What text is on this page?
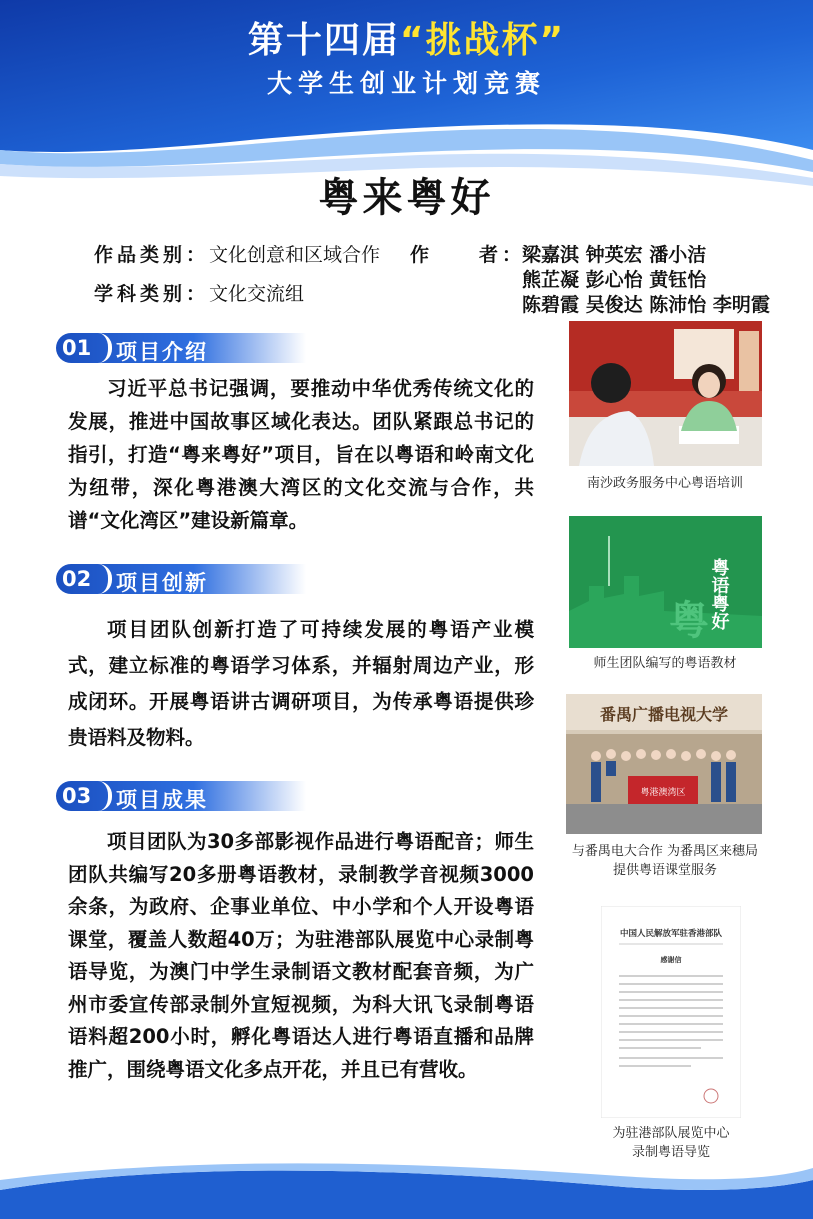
第十四届“挑战杯”
大学生创业计划竞赛
粤来粤好
作品类别：文化创意和区域合作
学科类别：文化交流组
作　　者：
梁嘉淇 钟英宏 潘小洁
熊芷凝 彭心怡 黄钰怡
陈碧霞 吴俊达 陈沛怡 李明霞
01 项目介绍
习近平总书记强调，要推动中华优秀传统文化的发展，推进中国故事区域化表达。团队紧跟总书记的指引，打造“粤来粤好”项目，旨在以粤语和岭南文化为纽带，深化粤港澳大湾区的文化交流与合作，共谱“文化湾区”建设新篇章。
02 项目创新
项目团队创新打造了可持续发展的粤语产业模式，建立标准的粤语学习体系，并辐射周边产业，形成闭环。开展粤语讲古调研项目，为传承粤语提供珍贵语料及物料。
03 项目成果
项目团队为30多部影视作品进行粤语配音；师生团队共编写20多册粤语教材，录制教学音视频3000余条，为政府、企事业单位、中小学和个人开设粤语课堂，覆盖人数超40万；为驻港部队展览中心录制粤语导览，为澳门中学生录制语文教材配套音频，为广州市委宣传部录制外宣短视频，为科大讯飞录制粤语语料超200小时，孵化粤语达人进行粤语直播和品牌推广，围绕粤语文化多点开花，并且已有营收。
南沙政务服务中心粤语培训
粤语粤好
粤
师生团队编写的粤语教材
番禺广播电视大学
粤港澳湾区
与番禺电大合作 为番禺区来穗局
提供粤语课堂服务
中国人民解放军驻香港部队
感谢信
为驻港部队展览中心
录制粤语导览
